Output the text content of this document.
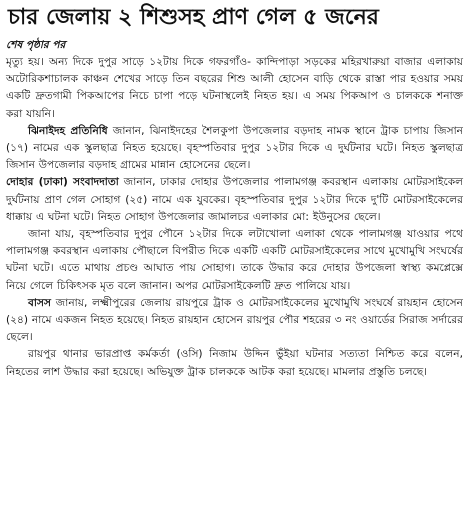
চার জেলায় ২ শিশুসহ প্রাণ গেল ৫ জনের
শেষ পৃষ্ঠার পর

মৃত্যু হয়। অন্য দিকে দুপুর সাড়ে ১২টায় দিকে গফরগাঁও- কান্দিপাড়া সড়কের মহিরখারুয়া বাজার এলাকায় অটোরিকশাচালক কাঞ্চন শেখের সাড়ে তিন বছরের শিশু আলী হোসেন বাড়ি থেকে রাস্তা পার হওয়ার সময় একটি দ্রুতগামী পিকআপের নিচে চাপা পড়ে ঘটনাস্থলেই নিহত হয়। এ সময় পিকআপ ও চালককে শনাক্ত করা যায়নি।

ঝিনাইদহ প্রতিনিধি জানান, ঝিনাইদহের শৈলকুপা উপজেলার বড়দাহ নামক স্থানে ট্রাক চাপায় জিসান (১৭) নামের এক স্কুলছাত্র নিহত হয়েছে। বৃহস্পতিবার দুপুর ১২টার দিকে এ দুর্ঘটনার ঘটে। নিহত স্কুলছাত্র জিসান উপজেলার বড়দাহ গ্রামের মান্নান হোসেনের ছেলে।

দোহার (ঢাকা) সংবাদদাতা জানান, ঢাকার দোহার উপজেলার পালামগঞ্জ কবরস্থান এলাকায় মোটরসাইকেল দুর্ঘটনায় প্রাণ গেল সোহাগ (২৫) নামে এক যুবকের। বৃহস্পতিবার দুপুর ১২টার দিকে দু'টি মোটরসাইকেলের ধাক্কায় এ ঘটনা ঘটে। নিহত সোহাগ উপজেলার জামালচর এলাকার মো: ইউনুসের ছেলে।

জানা যায়, বৃহস্পতিবার দুপুর পৌনে ১২টার দিকে লটাখোলা এলাকা থেকে পালামগঞ্জ যাওয়ার পথে পালামগঞ্জ কবরস্থান এলাকায় পৌছালে বিপরীত দিকে একটি একটি মোটরসাইকেলের সাথে মুখোমুখি সংঘর্ষের ঘটনা ঘটে। এতে মাথায় প্রচণ্ড আঘাত পায় সোহাগ। তাকে উদ্ধার করে দোহার উপজেলা স্বাস্থ্য কমপ্লেক্সে নিয়ে গেলে চিকিৎসক মৃত বলে জানান। অপর মোটরসাইকেলটি দ্রুত পালিয়ে যায়।

বাসস জানায়, লক্ষ্মীপুরের জেলায় রায়পুরে ট্রাক ও মোটরসাইকেলের মুখোমুখি সংঘর্ষে রায়হান হোসেন (২৪) নামে একজন নিহত হয়েছে। নিহত রায়হান হোসেন রায়পুর পৌর শহরের ৩ নং ওয়ার্ডের সিরাজ সর্দারের ছেলে।

রায়পুর থানার ভারপ্রাপ্ত কর্মকর্তা (ওসি) নিজাম উদ্দিন ভুঁইয়া ঘটনার সত্যতা নিশ্চিত করে বলেন, নিহতের লাশ উদ্ধার করা হয়েছে। অভিযুক্ত ট্রাক চালককে আটক করা হয়েছে। মামলার প্রস্তুতি চলছে।
